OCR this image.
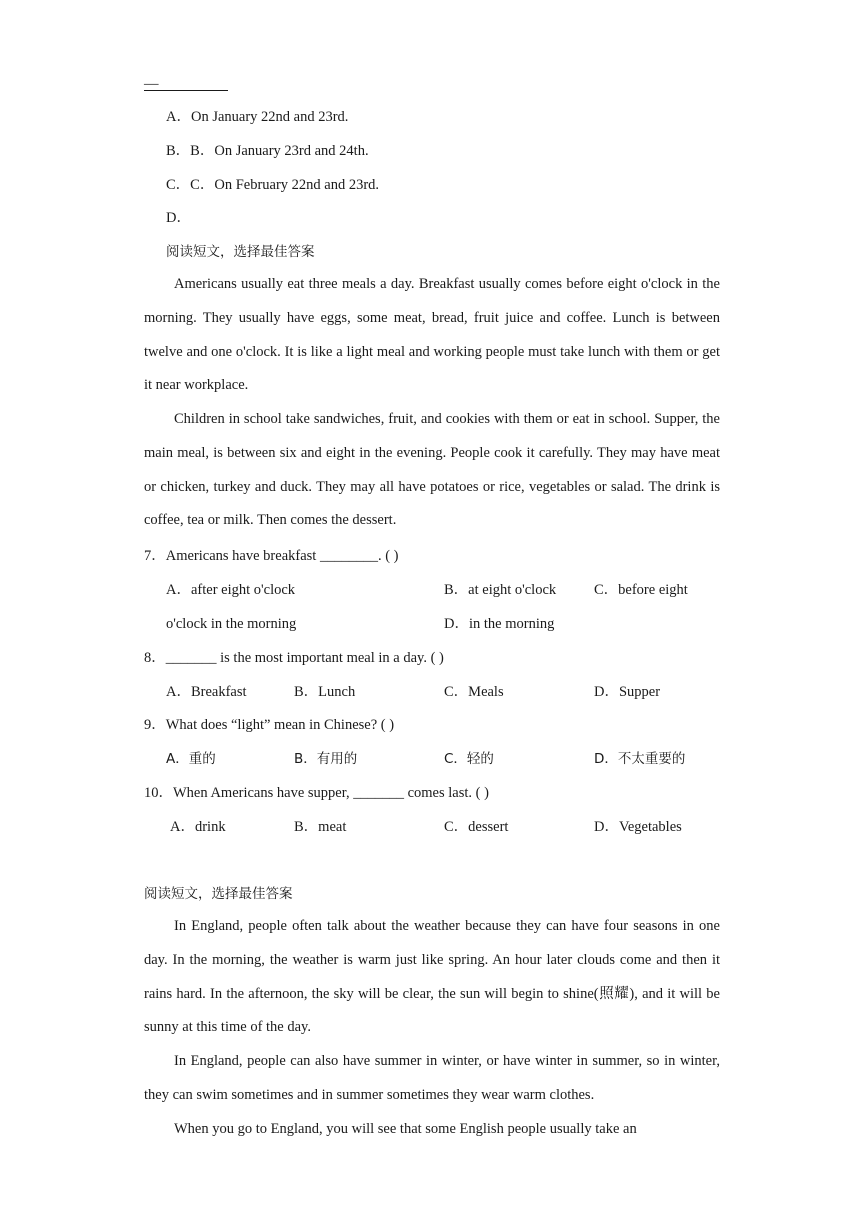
—
A．On January 22nd and 23rd.
B．B．On January 23rd and 24th.
C．C．On February 22nd and 23rd.
D．
阅读短文，选择最佳答案
Americans usually eat three meals a day. Breakfast usually comes before eight o'clock in the morning. They usually have eggs, some meat, bread, fruit juice and coffee. Lunch is between twelve and one o'clock. It is like a light meal and working people must take lunch with them or get it near workplace.
Children in school take sandwiches, fruit, and cookies with them or eat in school. Supper, the main meal, is between six and eight in the evening. People cook it carefully. They may have meat or chicken, turkey and duck. They may all have potatoes or rice, vegetables or salad. The drink is coffee, tea or milk. Then comes the dessert.
7．Americans have breakfast ________. ( )
A．after eight o'clock	B．at eight o'clock	C．before eight
o'clock in the morning	D．in the morning
8．_______ is the most important meal in a day. ( )
A．Breakfast	B．Lunch	C．Meals	D．Supper
9．What does “light” mean in Chinese? ( )
A．重的	B．有用的	C．轻的	D．不太重要的
10．When Americans have supper, _______ comes last. ( )
A．drink	B．meat	C．dessert	D．Vegetables
阅读短文，选择最佳答案
In England, people often talk about the weather because they can have four seasons in one day. In the morning, the weather is warm just like spring. An hour later clouds come and then it rains hard. In the afternoon, the sky will be clear, the sun will begin to shine(照耀), and it will be sunny at this time of the day.
In England, people can also have summer in winter, or have winter in summer, so in winter, they can swim sometimes and in summer sometimes they wear warm clothes.
When you go to England, you will see that some English people usually take an
